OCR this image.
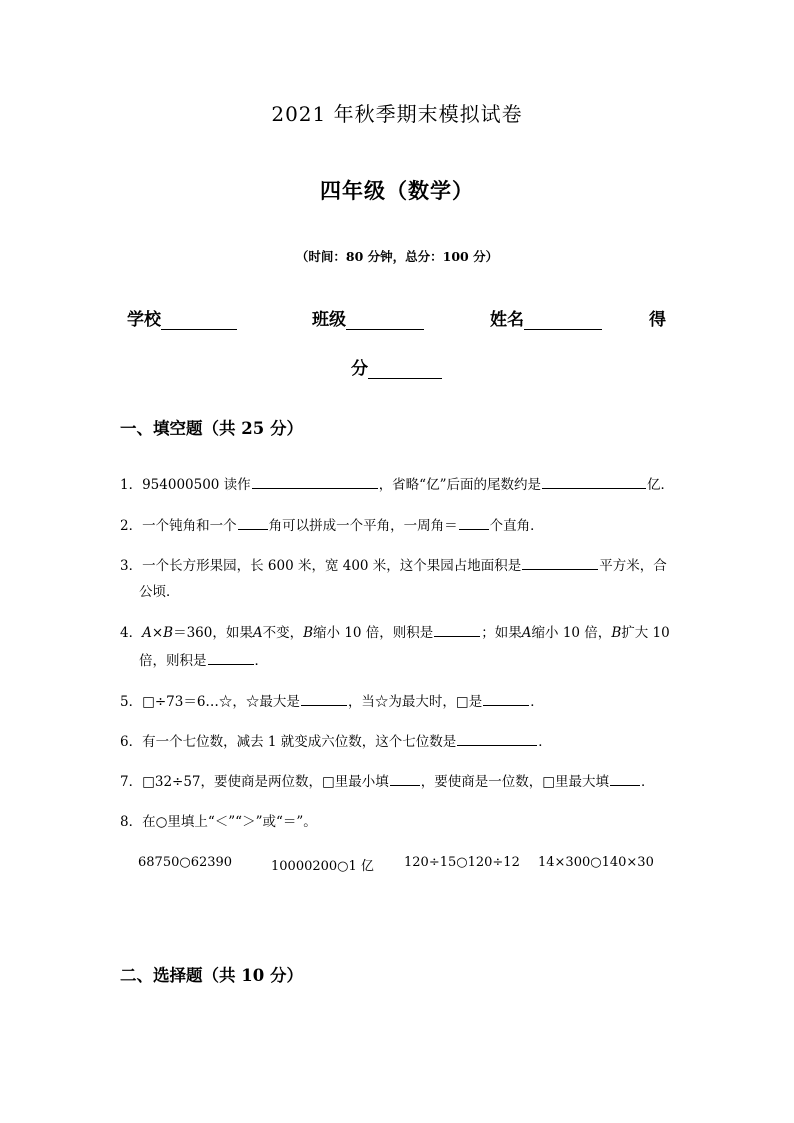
2021 年秋季期末模拟试卷
四年级（数学）
（时间：80 分钟，总分：100 分）
学校	班级	姓名	得
分
一、填空题（共 25 分）
1．954000500 读作	，省略“亿”后面的尾数约是	亿．
2．一个钝角和一个 角可以拼成一个平角，一周角＝ 个直角．
3．一个长方形果园，长 600 米，宽 400 米，这个果园占地面积是	平方米，合
公顷．
4．A×B＝360，如果A不变，B缩小 10 倍，则积是	；如果A缩小 10 倍，B扩大 10
倍，则积是	．
5．□÷73＝6…☆，☆最大是	，当☆为最大时，□是	．
6．有一个七位数，减去 1 就变成六位数，这个七位数是	．
7．□32÷57，要使商是两位数，□里最小填 ，要使商是一位数，□里最大填 ．
8．在○里填上“＜”“＞”或“＝”。
68750○62390	10000200○1 亿 120÷15○120÷12 14×300○140×30
二、选择题（共 10 分）
